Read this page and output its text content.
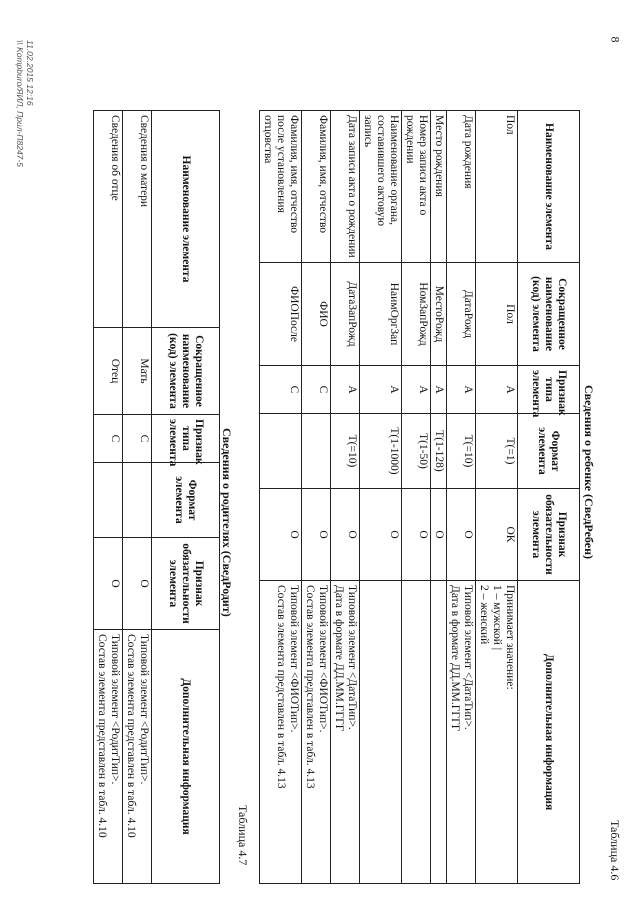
8
Таблица 4.6
Сведения о ребенке (СведРебен)
Наименование элемента	Сокращенное наименование (код) элемента	Признак типа элемента	Формат элемента	Признак обязательности элемента	Дополнительная информация
Пол	Пол	А	T(=1)	ОК	Принимает значение:
1 – мужской |
2 – женский
Дата рождения	ДатаРожд	А	T(=10)	О	Типовой элемент <ДатаТип>.
Дата в формате ДД.ММ.ГГГГ
Место рождения	МестоРожд	А	T(1-128)	О	
Номер записи акта о рождении	НомЗапРожд	А	T(1-50)	О	
Наименование органа, составившего актовую запись	НаимОргЗап	А	T(1-1000)	О	
Дата записи акта о рождении	ДатаЗапРожд	А	T(=10)	О	Типовой элемент <ДатаТип>.
Дата в формате ДД.ММ.ГГГГ
Фамилия, имя, отчество	ФИО	С		О	Типовой элемент <ФИОТип>.
Состав элемента представлен в табл. 4.13
Фамилия, имя, отчество после установления отцовства	ФИОПосле	С		О	Типовой элемент <ФИОТип>.
Состав элемента представлен в табл. 4.13
Таблица 4.7
Сведения о родителях (СведРодит)
Наименование элемента	Сокращенное наименование (код) элемента	Признак типа элемента	Формат элемента	Признак обязательности элемента	Дополнительная информация
Сведения о матери	Мать	С		О	Типовой элемент <РодитТип>.
Состав элемента представлен в табл. 4.10
Сведения об отце	Отец	С		О	Типовой элемент <РодитТип>.
Состав элемента представлен в табл. 4.10
11.02.2015 12:16
\\ Kompburo/ЯИЛ, Прил-П8247-5
